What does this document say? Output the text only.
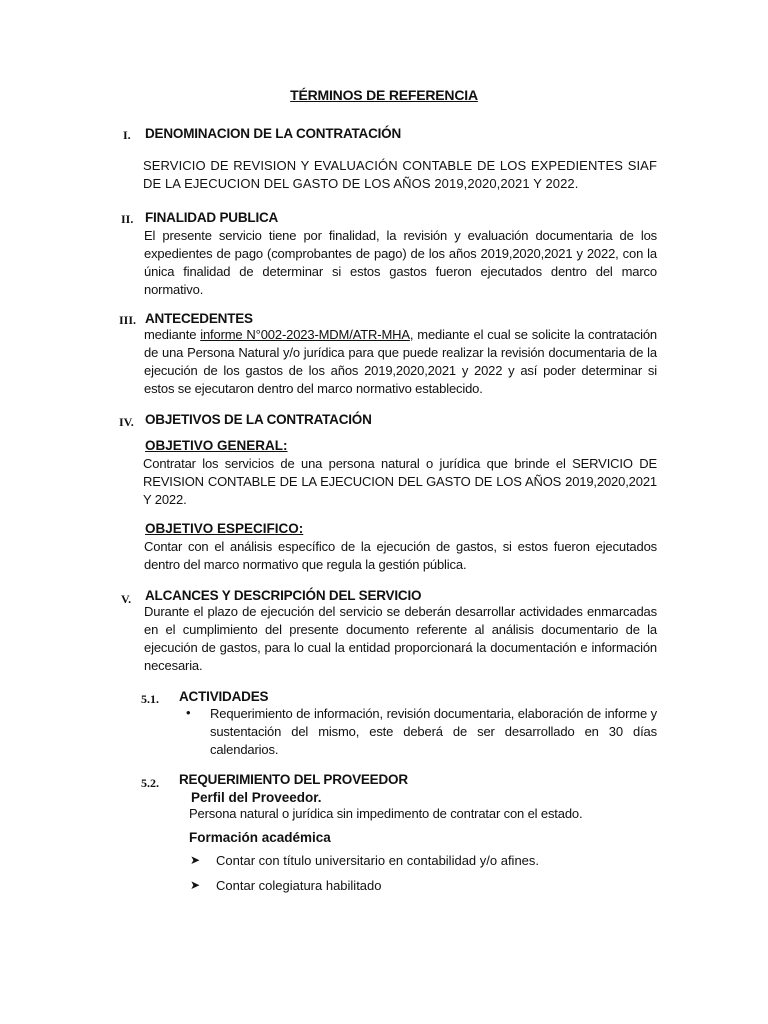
TÉRMINOS DE REFERENCIA
I. DENOMINACION DE LA CONTRATACIÓN
SERVICIO DE REVISION Y EVALUACIÓN CONTABLE DE LOS EXPEDIENTES SIAF DE LA EJECUCION DEL GASTO DE LOS AÑOS 2019,2020,2021 Y 2022.
II. FINALIDAD PUBLICA
El presente servicio tiene por finalidad, la revisión y evaluación documentaria de los expedientes de pago (comprobantes de pago) de los años 2019,2020,2021 y 2022, con la única finalidad de determinar si estos gastos fueron ejecutados dentro del marco normativo.
III. ANTECEDENTES
mediante informe N°002-2023-MDM/ATR-MHA, mediante el cual se solicite la contratación de una Persona Natural y/o jurídica para que puede realizar la revisión documentaria de la ejecución de los gastos de los años 2019,2020,2021 y 2022 y así poder determinar si estos se ejecutaron dentro del marco normativo establecido.
IV. OBJETIVOS DE LA CONTRATACIÓN
OBJETIVO GENERAL:
Contratar los servicios de una persona natural o jurídica que brinde el SERVICIO DE REVISION CONTABLE DE LA EJECUCION DEL GASTO DE LOS AÑOS 2019,2020,2021 Y 2022.
OBJETIVO ESPECIFICO:
Contar con el análisis específico de la ejecución de gastos, si estos fueron ejecutados dentro del marco normativo que regula la gestión pública.
V. ALCANCES Y DESCRIPCIÓN DEL SERVICIO
Durante el plazo de ejecución del servicio se deberán desarrollar actividades enmarcadas en el cumplimiento del presente documento referente al análisis documentario de la ejecución de gastos, para lo cual la entidad proporcionará la documentación e información necesaria.
5.1. ACTIVIDADES
•	Requerimiento de información, revisión documentaria, elaboración de informe y sustentación del mismo, este deberá de ser desarrollado en 30 días calendarios.
5.2. REQUERIMIENTO DEL PROVEEDOR
Perfil del Proveedor.
Persona natural o jurídica sin impedimento de contratar con el estado.
Formación académica
➤	Contar con título universitario en contabilidad y/o afines.
➤	Contar colegiatura habilitado
